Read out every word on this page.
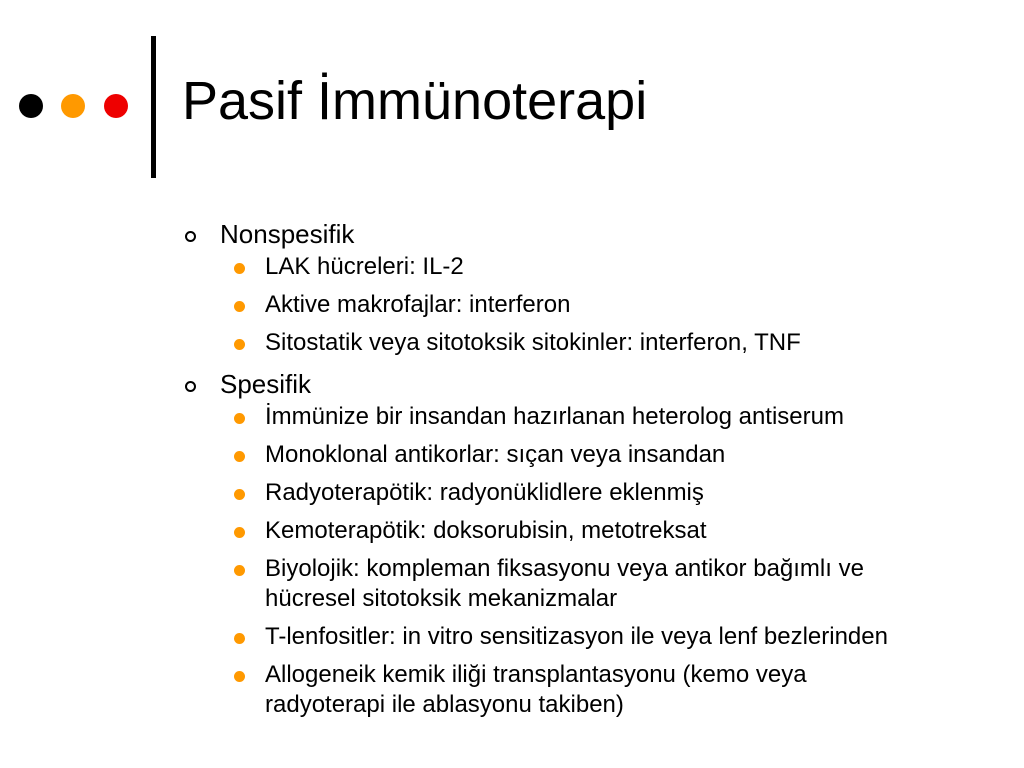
Pasif İmmünoterapi

Nonspesifik

LAK hücreleri: IL-2
Aktive makrofajlar: interferon
Sitostatik veya sitotoksik sitokinler: interferon, TNF

Spesifik

İmmünize bir insandan hazırlanan heterolog antiserum
Monoklonal antikorlar: sıçan veya insandan
Radyoterapötik: radyonüklidlere eklenmiş
Kemoterapötik: doksorubisin, metotreksat
Biyolojik: kompleman fiksasyonu veya antikor bağımlı ve
hücresel sitotoksik mekanizmalar
T-lenfositler: in vitro sensitizasyon ile veya lenf bezlerinden
Allogeneik kemik iliği transplantasyonu (kemo veya
radyoterapi ile ablasyonu takiben)
